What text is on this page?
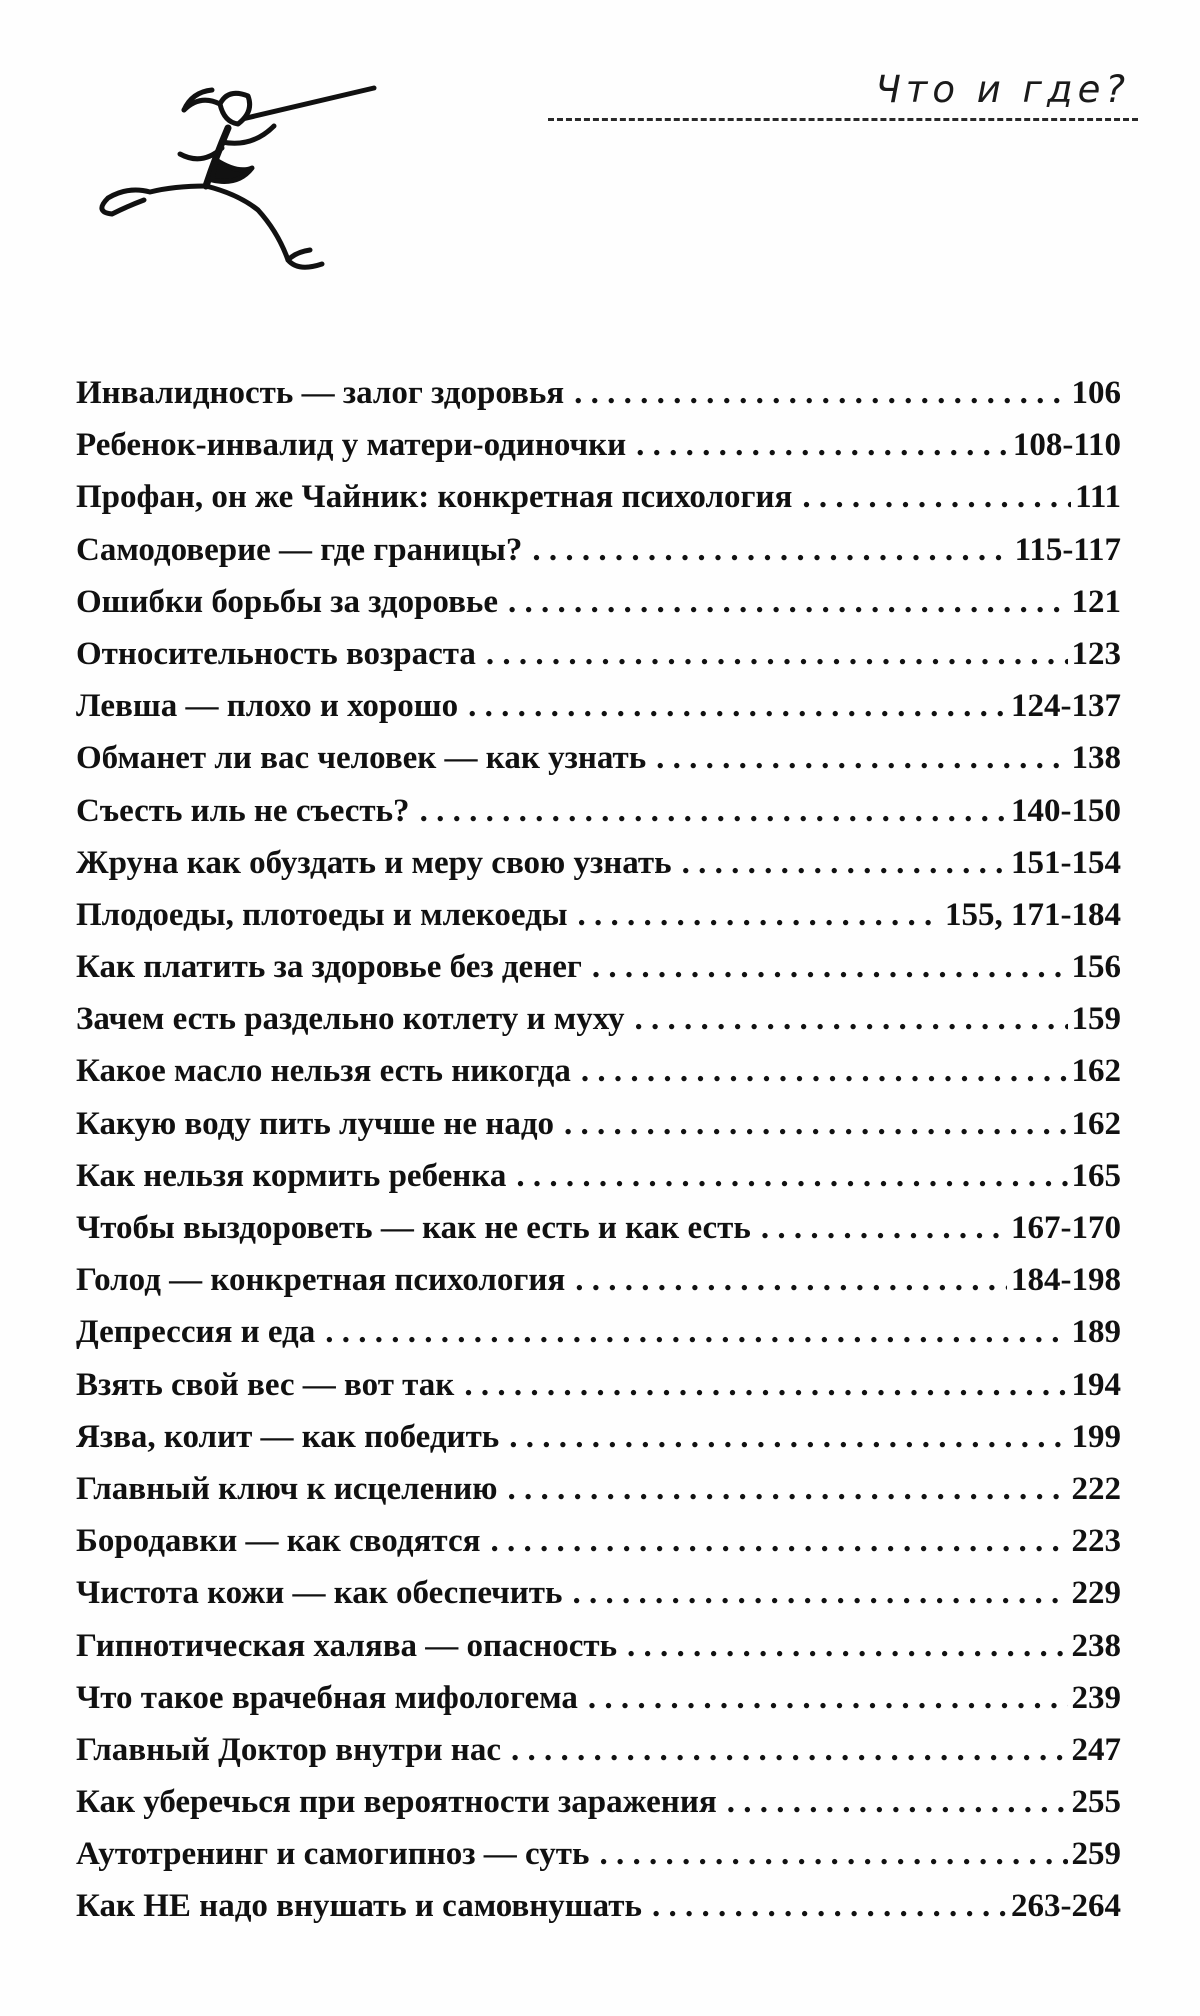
Что и где?
Инвалидность — залог здоровья . . .	106
Ребенок-инвалид у матери-одиночки . . .	108-110
Профан, он же Чайник: конкретная психология . . .	111
Самодоверие — где границы? . . .	115-117
Ошибки борьбы за здоровье . . .	121
Относительность возраста . . .	123
Левша — плохо и хорошо . . .	124-137
Обманет ли вас человек — как узнать . . .	138
Съесть иль не съесть? . . .	140-150
Жруна как обуздать и меру свою узнать . . .	151-154
Плодоеды, плотоеды и млекоеды . . .	155, 171-184
Как платить за здоровье без денег . . .	156
Зачем есть раздельно котлету и муху . . .	159
Какое масло нельзя есть никогда . . .	162
Какую воду пить лучше не надо . . .	162
Как нельзя кормить ребенка . . .	165
Чтобы выздороветь — как не есть и как есть . . .	167-170
Голод — конкретная психология . . .	184-198
Депрессия и еда . . .	189
Взять свой вес — вот так . . .	194
Язва, колит — как победить . . .	199
Главный ключ к исцелению . . .	222
Бородавки — как сводятся . . .	223
Чистота кожи — как обеспечить . . .	229
Гипнотическая халява — опасность . . .	238
Что такое врачебная мифологема . . .	239
Главный Доктор внутри нас . . .	247
Как уберечься при вероятности заражения . . .	255
Аутотренинг и самогипноз — суть . . .	259
Как НЕ надо внушать и самовнушать . . .	263-264
